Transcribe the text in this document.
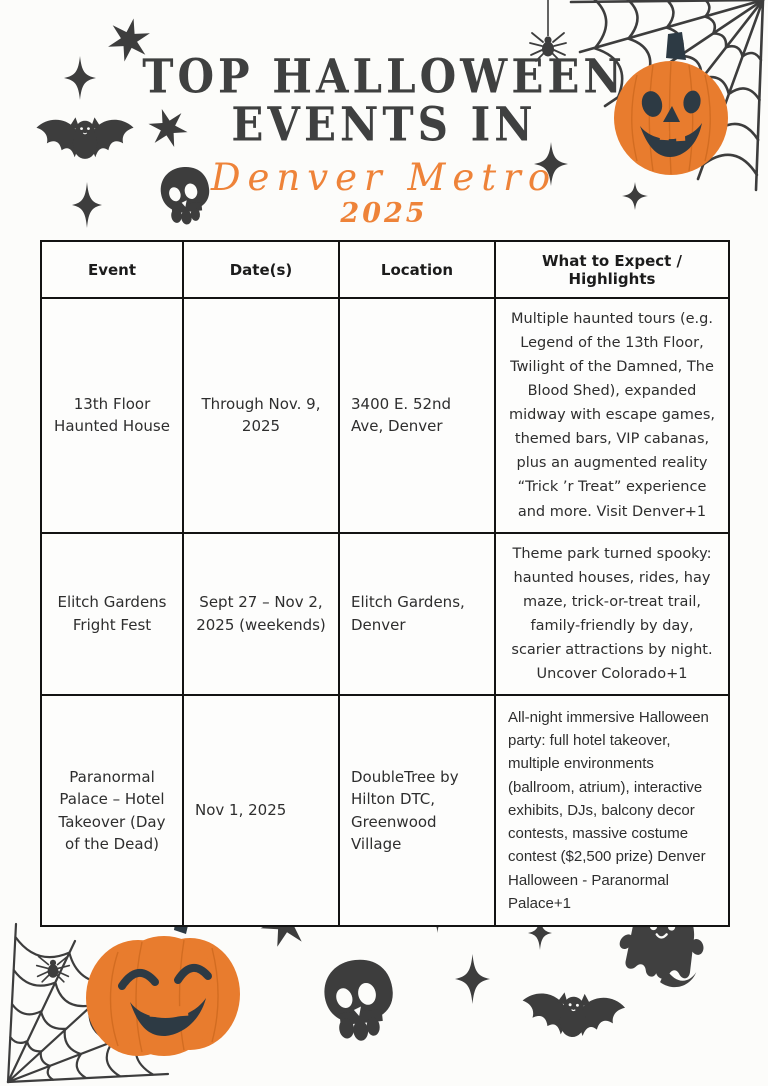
TOP HALLOWEEN
EVENTS IN
Denver Metro
2025
Event	Date(s)	Location	What to Expect / Highlights
13th Floor Haunted House	Through Nov. 9, 2025	3400 E. 52nd Ave, Denver	Multiple haunted tours (e.g. Legend of the 13th Floor, Twilight of the Damned, The Blood Shed), expanded midway with escape games, themed bars, VIP cabanas, plus an augmented reality “Trick ’r Treat” experience and more. Visit Denver+1
Elitch Gardens Fright Fest	Sept 27 – Nov 2, 2025 (weekends)	Elitch Gardens, Denver	Theme park turned spooky: haunted houses, rides, hay maze, trick-or-treat trail, family-friendly by day, scarier attractions by night. Uncover Colorado+1
Paranormal Palace – Hotel Takeover (Day of the Dead)	Nov 1, 2025	DoubleTree by Hilton DTC, Greenwood Village	All-night immersive Halloween party: full hotel takeover, multiple environments (ballroom, atrium), interactive exhibits, DJs, balcony decor contests, massive costume contest ($2,500 prize) Denver Halloween - Paranormal Palace+1
